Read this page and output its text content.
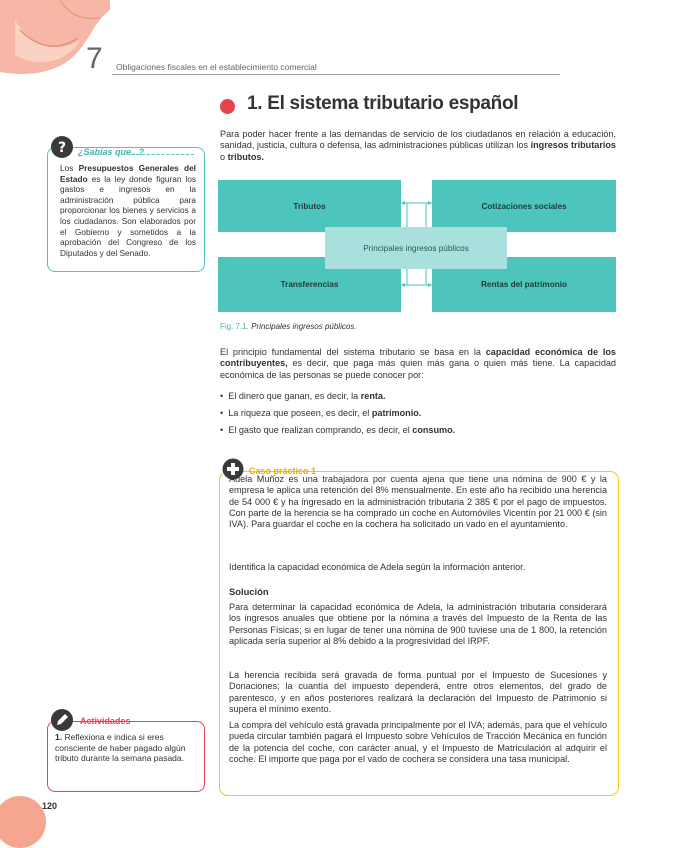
7 Obligaciones fiscales en el establecimiento comercial
1. El sistema tributario español
? ¿Sabías que...?
Los Presupuestos Generales del Estado es la ley donde figuran los gastos e ingresos en la administración pública para proporcionar los bienes y servicios a los ciudadanos. Son elaborados por el Gobierno y sometidos a la aprobación del Congreso de los Diputados y del Senado.
Para poder hacer frente a las demandas de servicio de los ciudadanos en relación a educación, sanidad, justicia, cultura o defensa, las administraciones públicas utilizan los ingresos tributarios o tributos.
Tributos	Cotizaciones sociales
Transferencias	Rentas del patrimonio
Principales ingresos públicos
Fig. 7.1. Principales ingresos públicos.
El principio fundamental del sistema tributario se basa en la capacidad económica de los contribuyentes, es decir, que paga más quien más gana o quien más tiene. La capacidad económica de las personas se puede conocer por:
•  El dinero que ganan, es decir, la renta.
•  La riqueza que poseen, es decir, el patrimonio.
•  El gasto que realizan comprando, es decir, el consumo.
Caso práctico 1
Adela Muñoz es una trabajadora por cuenta ajena que tiene una nómina de 900 € y la empresa le aplica una retención del 8% mensualmente. En este año ha recibido una herencia de 54 000 € y ha ingresado en la administración tributaria 2 385 € por el pago de impuestos. Con parte de la herencia se ha comprado un coche en Automóviles Vicentín por 21 000 € (sin IVA). Para guardar el coche en la cochera ha solicitado un vado en el ayuntamiento.
Identifica la capacidad económica de Adela según la información anterior.
Solución
Para determinar la capacidad económica de Adela, la administración tributaria considerará los ingresos anuales que obtiene por la nómina a través del Impuesto de la Renta de las Personas Físicas; si en lugar de tener una nómina de 900 tuviese una de 1 800, la retención aplicada sería superior al 8% debido a la progresividad del IRPF.
La herencia recibida será gravada de forma puntual por el Impuesto de Sucesiones y Donaciones; la cuantía del impuesto dependerá, entre otros elementos, del grado de parentesco, y en años posteriores realizará la declaración del Impuesto de Patrimonio si supera el mínimo exento.
La compra del vehículo está gravada principalmente por el IVA; además, para que el vehículo pueda circular también pagará el Impuesto sobre Vehículos de Tracción Mecánica en función de la potencia del coche, con carácter anual, y el Impuesto de Matriculación al adquirir el coche. El importe que paga por el vado de cochera se considera una tasa municipal.
Actividades
1. Reflexiona e indica si eres consciente de haber pagado algún tributo durante la semana pasada.
120
